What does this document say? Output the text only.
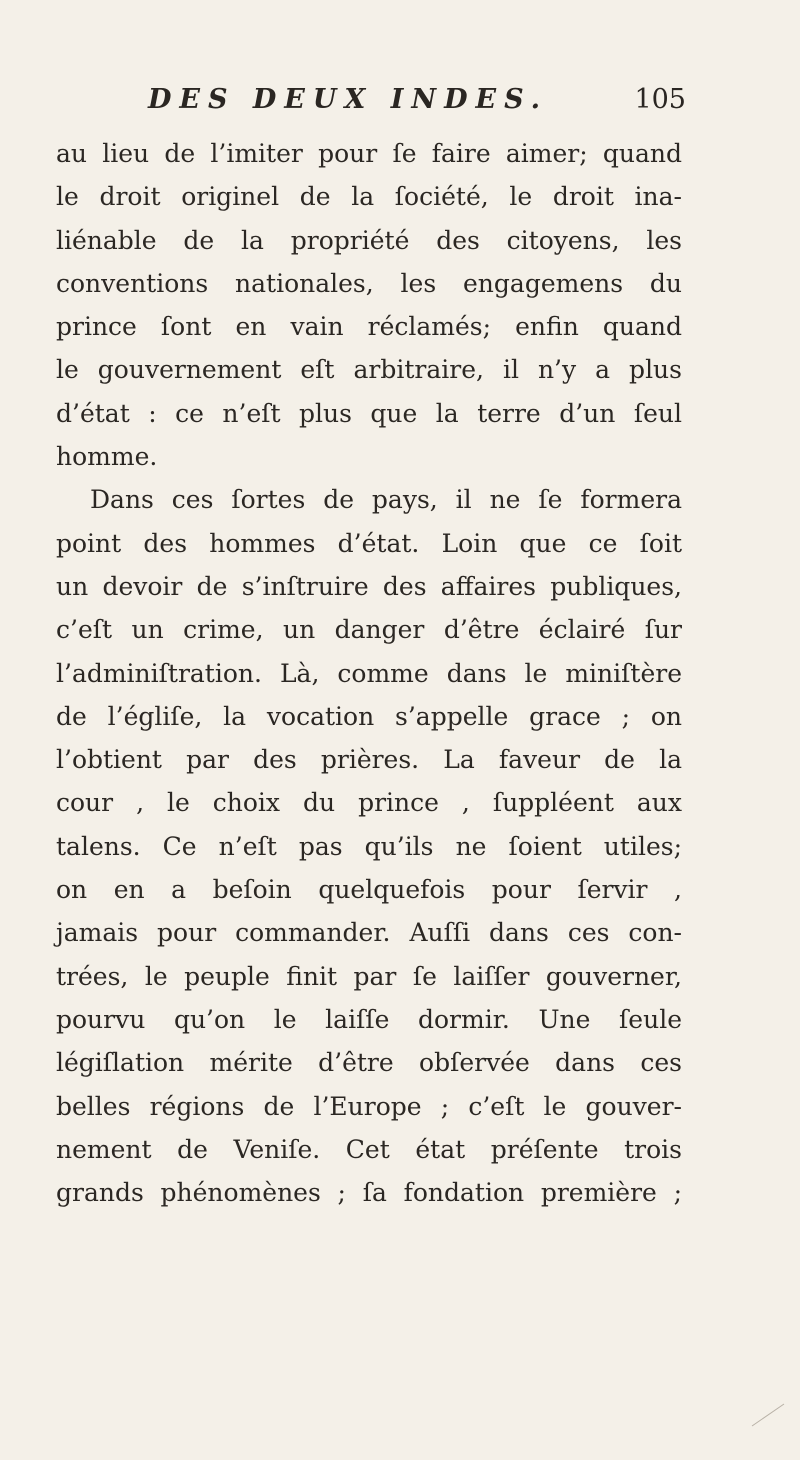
DES DEUX INDES.	105
au lieu de l’imiter pour ſe faire aimer; quand
le droit originel de la ſociété, le droit ina-
liénable de la propriété des citoyens, les
conventions nationales, les engagemens du
prince ſont en vain réclamés; enfin quand
le gouvernement eſt arbitraire, il n’y a plus
d’état : ce n’eſt plus que la terre d’un ſeul
homme.
Dans ces ſortes de pays, il ne ſe formera
point des hommes d’état. Loin que ce ſoit
un devoir de s’inſtruire des affaires publiques,
c’eſt un crime, un danger d’être éclairé ſur
l’adminiſtration. Là, comme dans le miniſtère
de l’égliſe, la vocation s’appelle grace ; on
l’obtient par des prières. La faveur de la
cour , le choix du prince , ſuppléent aux
talens. Ce n’eſt pas qu’ils ne ſoient utiles;
on en a beſoin quelquefois pour ſervir ,
jamais pour commander. Auſſi dans ces con-
trées, le peuple finit par ſe laiſſer gouverner,
pourvu qu’on le laiſſe dormir. Une ſeule
légiſlation mérite d’être obſervée dans ces
belles régions de l’Europe ; c’eſt le gouver-
nement de Veniſe. Cet état préſente trois
grands phénomènes ; ſa fondation première ;
